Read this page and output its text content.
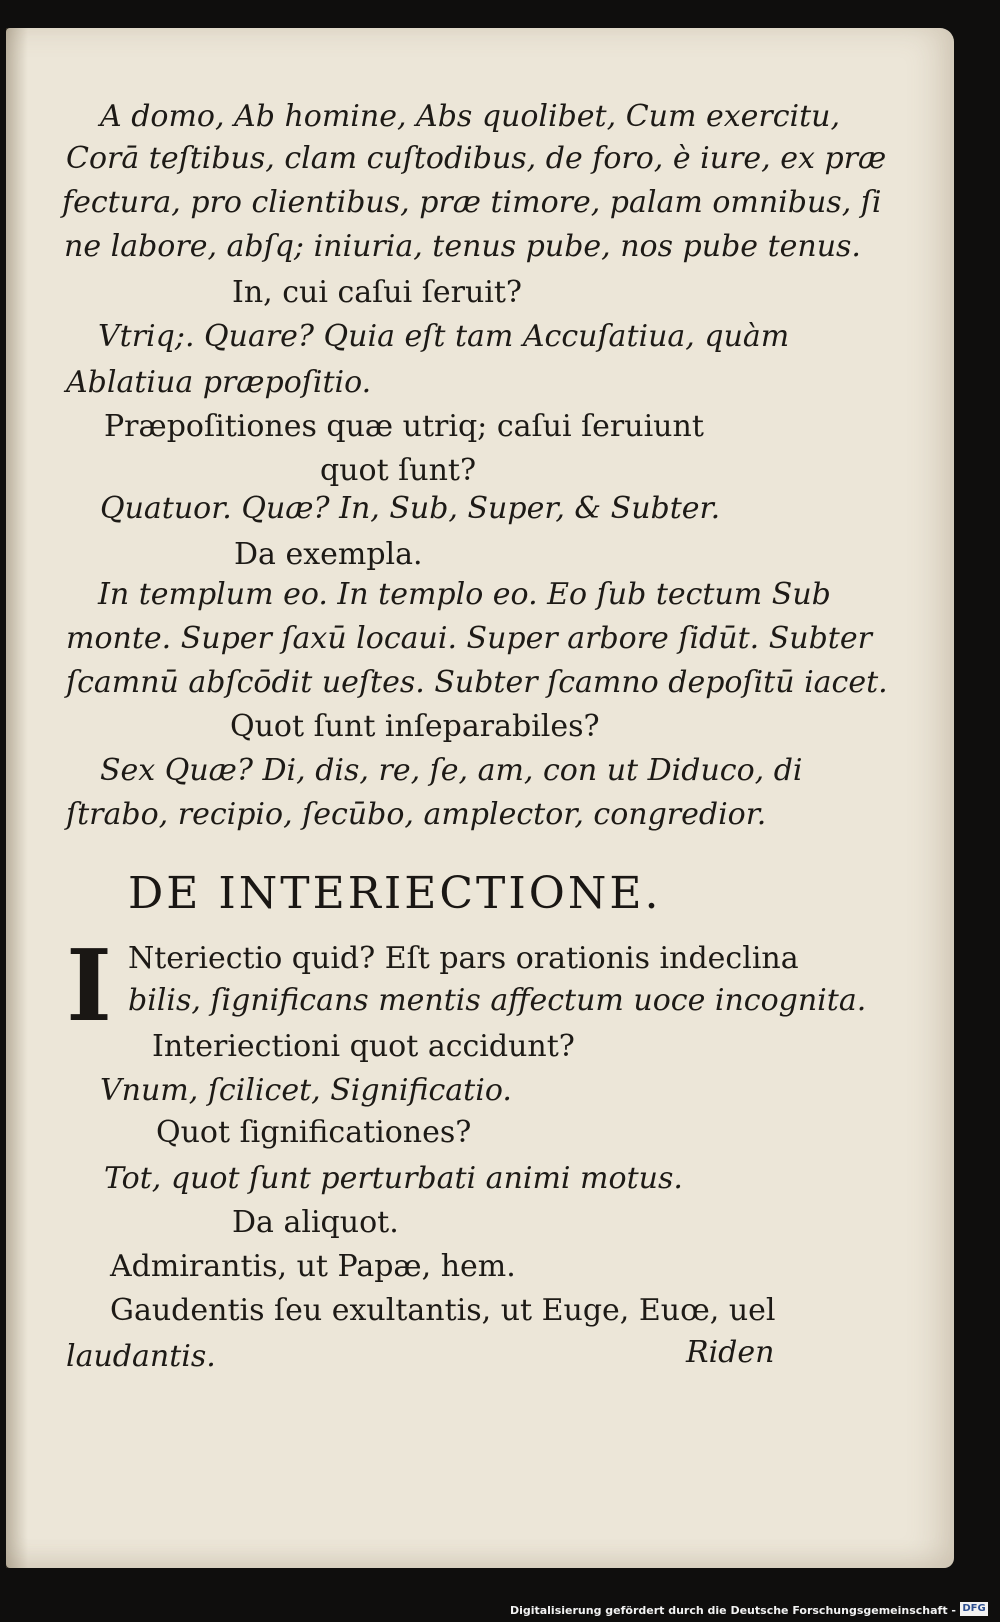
A domo, Ab homine, Abs quolibet, Cum exercitu,
Corā teſtibus, clam cuſtodibus, de foro, è iure, ex præ
fectura, pro clientibus, præ timore, palam omnibus, ſi
ne labore, abſq; iniuria, tenus pube, nos pube tenus.
In, cui caſui ſeruit?
Vtriq;. Quare? Quia eſt tam Accuſatiua, quàm
Ablatiua præpoſitio.
Præpoſitiones quæ utriq; caſui ſeruiunt
quot ſunt?
Quatuor. Quæ? In, Sub, Super, & Subter.
Da exempla.
In templum eo. In templo eo. Eo ſub tectum Sub
monte. Super ſaxū locaui. Super arbore ſidūt. Subter
ſcamnū abſcōdit ueſtes. Subter ſcamno depoſitū iacet.
Quot ſunt inſeparabiles?
Sex Quæ? Di, dis, re, ſe, am, con ut Diduco, di
ſtrabo, recipio, ſecūbo, amplector, congredior.
DE INTERIECTIONE.
I Nteriectio quid? Eſt pars orationis indeclina
bilis, ſignificans mentis affectum uoce incognita.
Interiectioni quot accidunt?
Vnum, ſcilicet, Significatio.
Quot ſignificationes?
Tot, quot ſunt perturbati animi motus.
Da aliquot.
Admirantis, ut Papæ, hem.
Gaudentis ſeu exultantis, ut Euge, Euœ, uel
laudantis.	Riden
Digitalisierung gefördert durch die Deutsche Forschungsgemeinschaft - DFG
